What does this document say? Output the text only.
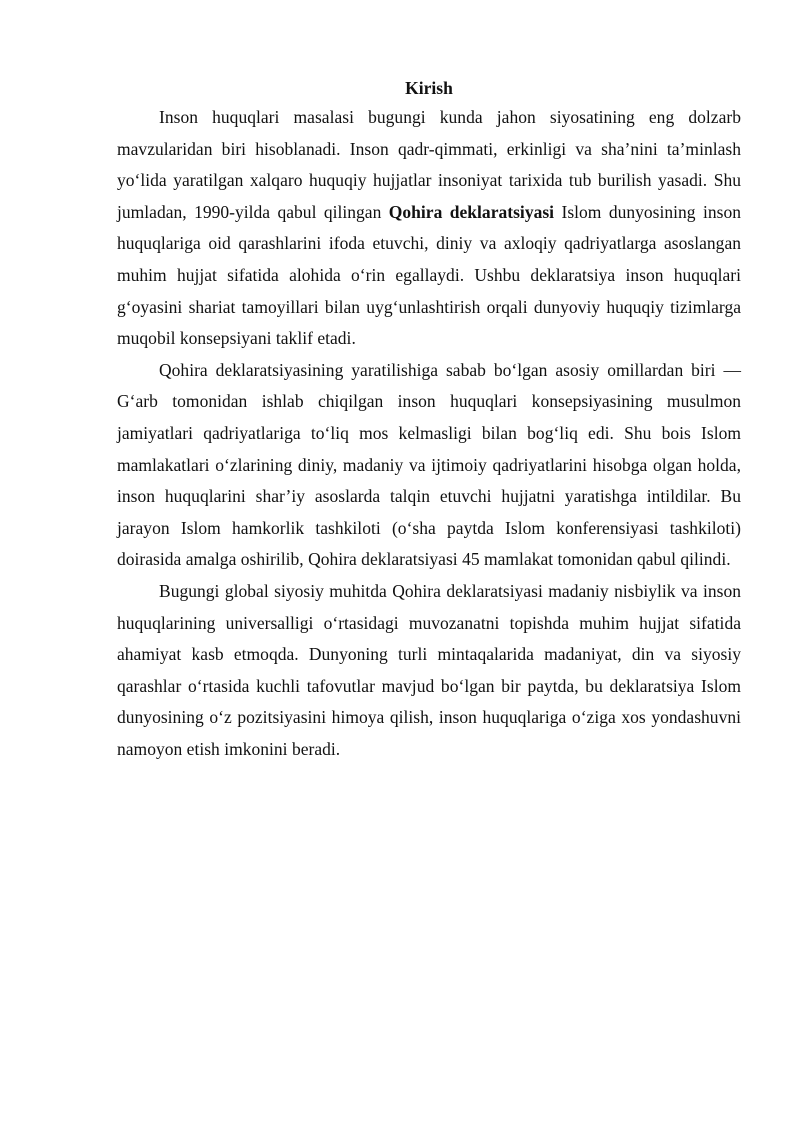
Kirish

Inson huquqlari masalasi bugungi kunda jahon siyosatining eng dolzarb mavzularidan biri hisoblanadi. Inson qadr-qimmati, erkinligi va sha’nini ta’minlash yo‘lida yaratilgan xalqaro huquqiy hujjatlar insoniyat tarixida tub burilish yasadi. Shu jumladan, 1990-yilda qabul qilingan Qohira deklaratsiyasi Islom dunyosining inson huquqlariga oid qarashlarini ifoda etuvchi, diniy va axloqiy qadriyatlarga asoslangan muhim hujjat sifatida alohida o‘rin egallaydi. Ushbu deklaratsiya inson huquqlari g‘oyasini shariat tamoyillari bilan uyg‘unlashtirish orqali dunyoviy huquqiy tizimlarga muqobil konsepsiyani taklif etadi.

Qohira deklaratsiyasining yaratilishiga sabab bo‘lgan asosiy omillardan biri — G‘arb tomonidan ishlab chiqilgan inson huquqlari konsepsiyasining musulmon jamiyatlari qadriyatlariga to‘liq mos kelmasligi bilan bog‘liq edi. Shu bois Islom mamlakatlari o‘zlarining diniy, madaniy va ijtimoiy qadriyatlarini hisobga olgan holda, inson huquqlarini shar’iy asoslarda talqin etuvchi hujjatni yaratishga intildilar. Bu jarayon Islom hamkorlik tashkiloti (o‘sha paytda Islom konferensiyasi tashkiloti) doirasida amalga oshirilib, Qohira deklaratsiyasi 45 mamlakat tomonidan qabul qilindi.

Bugungi global siyosiy muhitda Qohira deklaratsiyasi madaniy nisbiylik va inson huquqlarining universalligi o‘rtasidagi muvozanatni topishda muhim hujjat sifatida ahamiyat kasb etmoqda. Dunyoning turli mintaqalarida madaniyat, din va siyosiy qarashlar o‘rtasida kuchli tafovutlar mavjud bo‘lgan bir paytda, bu deklaratsiya Islom dunyosining o‘z pozitsiyasini himoya qilish, inson huquqlariga o‘ziga xos yondashuvni namoyon etish imkonini beradi.
